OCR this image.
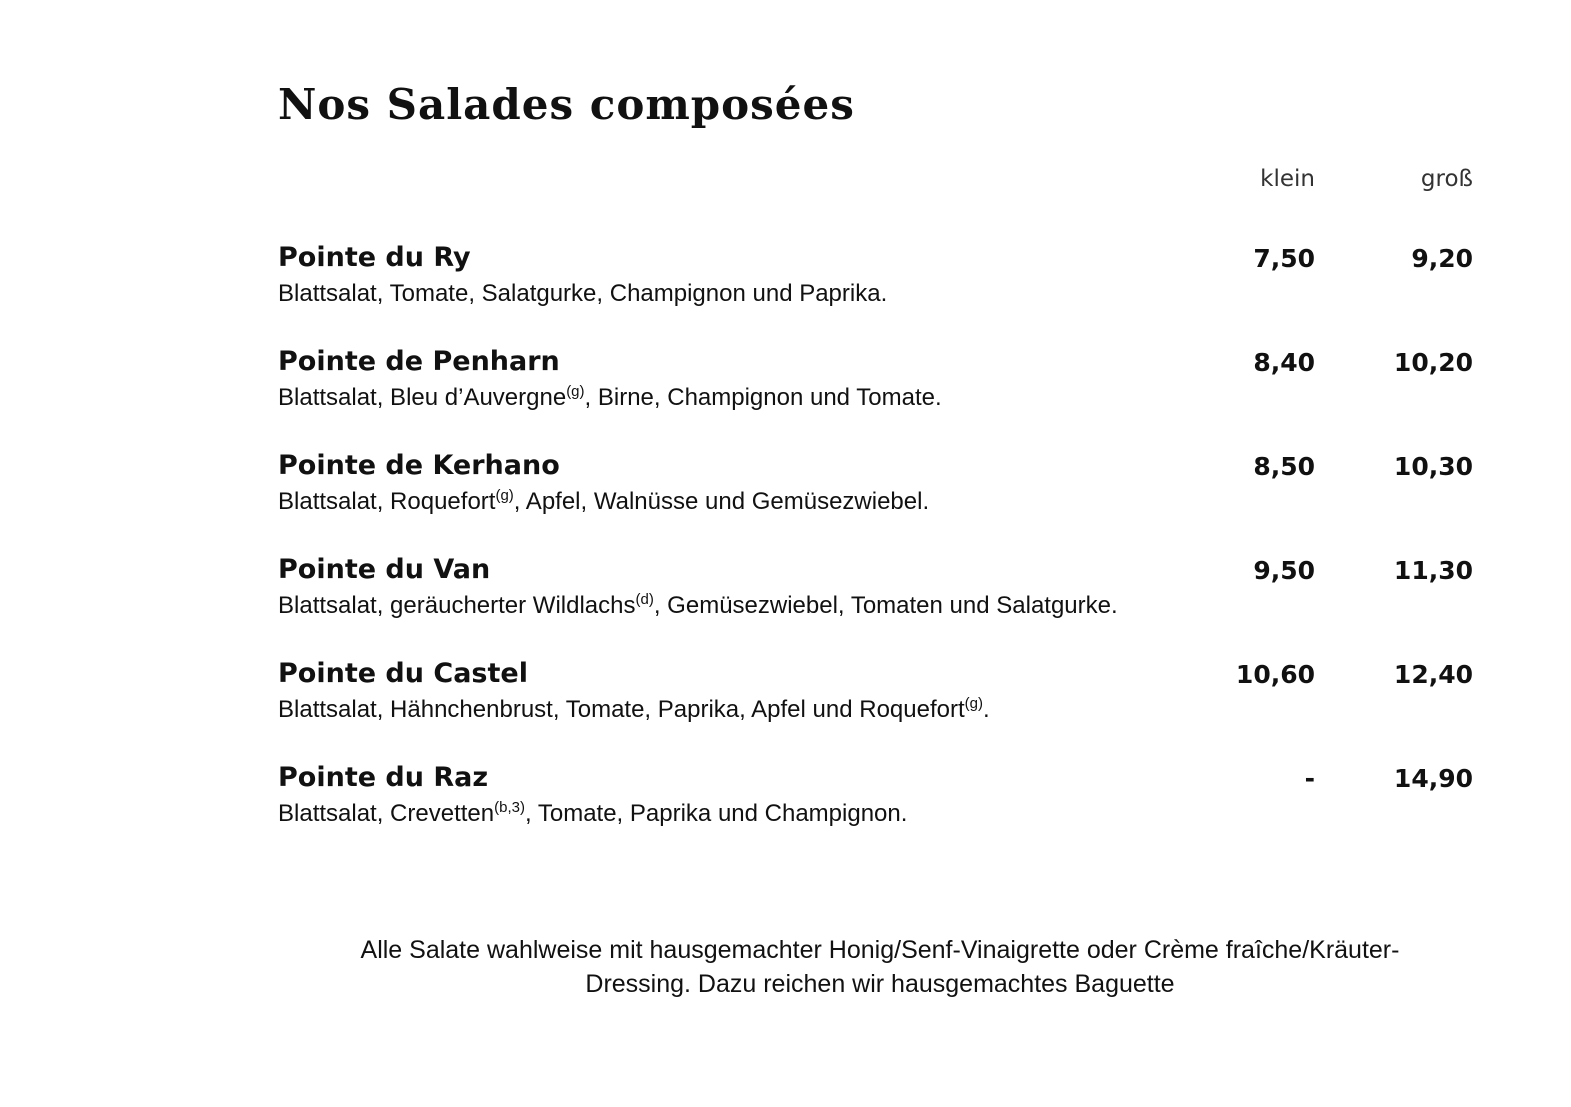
Nos Salades composées
klein	groß
Pointe du Ry
Blattsalat, Tomate, Salatgurke, Champignon und Paprika.
7,50	9,20
Pointe de Penharn
Blattsalat, Bleu d’Auvergne$^{(g)}$, Birne, Champignon und Tomate.
8,40	10,20
Pointe de Kerhano
Blattsalat, Roquefort$^{(g)}$, Apfel, Walnüsse und Gemüsezwiebel.
8,50	10,30
Pointe du Van
Blattsalat, geräucherter Wildlachs$^{(d)}$, Gemüsezwiebel, Tomaten und Salatgurke.
9,50	11,30
Pointe du Castel
Blattsalat, Hähnchenbrust, Tomate, Paprika, Apfel und Roquefort$^{(g)}$.
10,60	12,40
Pointe du Raz
Blattsalat, Crevetten$^{(b,3)}$, Tomate, Paprika und Champignon.
-	14,90
Alle Salate wahlweise mit hausgemachter Honig/Senf-Vinaigrette oder Crème fraîche/Kräuter-
Dressing. Dazu reichen wir hausgemachtes Baguette
